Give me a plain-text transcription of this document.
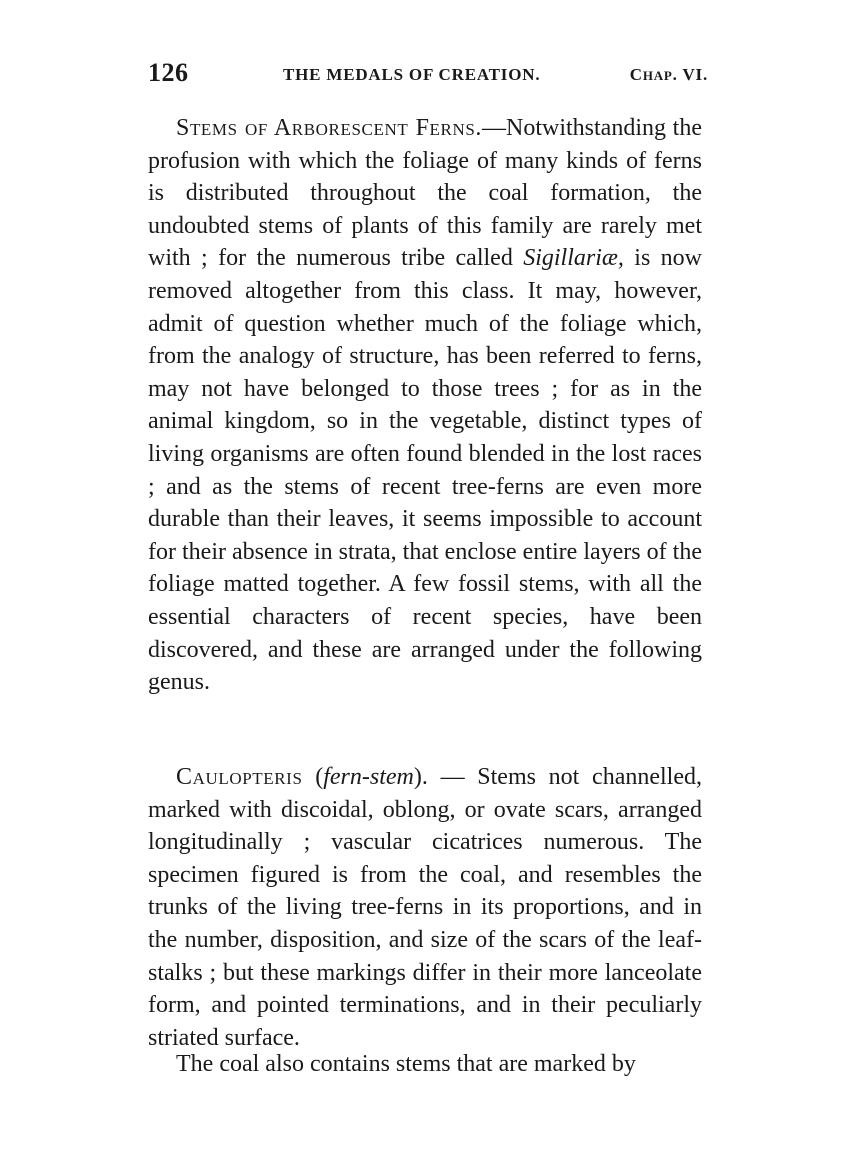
126	THE MEDALS OF CREATION.	CHAP. VI.

Stems of Arborescent Ferns.—Notwithstanding the profusion with which the foliage of many kinds of ferns is distributed throughout the coal formation, the undoubted stems of plants of this family are rarely met with ; for the numerous tribe called Sigillariæ, is now removed altogether from this class. It may, however, admit of question whether much of the foliage which, from the analogy of structure, has been referred to ferns, may not have belonged to those trees ; for as in the animal kingdom, so in the vegetable, distinct types of living organisms are often found blended in the lost races ; and as the stems of recent tree-ferns are even more durable than their leaves, it seems impossible to account for their absence in strata, that enclose entire layers of the foliage matted together. A few fossil stems, with all the essential characters of recent species, have been discovered, and these are arranged under the following genus.

Caulopteris (fern-stem). — Stems not channelled, marked with discoidal, oblong, or ovate scars, arranged longitudinally ; vascular cicatrices numerous. The specimen figured is from the coal, and resembles the trunks of the living tree-ferns in its proportions, and in the number, disposition, and size of the scars of the leaf-stalks ; but these markings differ in their more lanceolate form, and pointed terminations, and in their peculiarly striated surface.

The coal also contains stems that are marked by
